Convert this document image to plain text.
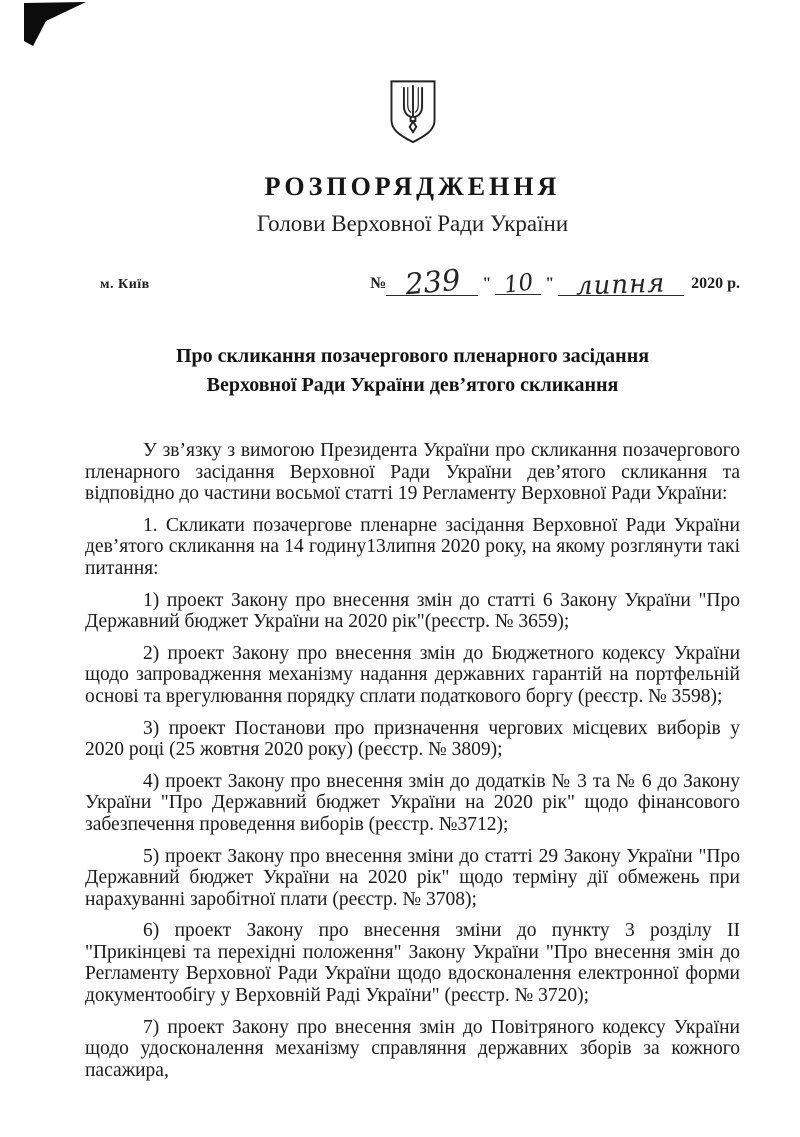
РОЗПОРЯДЖЕННЯ
Голови Верховної Ради України
м. Київ	№ 239	" 10 " липня	2020 р.
Про скликання позачергового пленарного засідання
Верховної Ради України дев’ятого скликання

У зв’язку з вимогою Президента України про скликання позачергового пленарного засідання Верховної Ради України дев’ятого скликання та відповідно до частини восьмої статті 19 Регламенту Верховної Ради України:

1. Скликати позачергове пленарне засідання Верховної Ради України дев’ятого скликання на 14 годину13липня 2020 року, на якому розглянути такі питання:

1) проект Закону про внесення змін до статті 6 Закону України "Про Державний бюджет України на 2020 рік"(реєстр. № 3659);

2) проект Закону про внесення змін до Бюджетного кодексу України щодо запровадження механізму надання державних гарантій на портфельній основі та врегулювання порядку сплати податкового боргу (реєстр. № 3598);

3) проект Постанови про призначення чергових місцевих виборів у 2020 році (25 жовтня 2020 року) (реєстр. № 3809);

4) проект Закону про внесення змін до додатків № 3 та № 6 до Закону України "Про Державний бюджет України на 2020 рік" щодо фінансового забезпечення проведення виборів (реєстр. №3712);

5) проект Закону про внесення зміни до статті 29 Закону України "Про Державний бюджет України на 2020 рік" щодо терміну дії обмежень при нарахуванні заробітної плати (реєстр. № 3708);

6) проект Закону про внесення зміни до пункту 3 розділу II "Прикінцеві та перехідні положення" Закону України "Про внесення змін до Регламенту Верховної Ради України щодо вдосконалення електронної форми документообігу у Верховній Раді України" (реєстр. № 3720);

7) проект Закону про внесення змін до Повітряного кодексу України щодо удосконалення механізму справляння державних зборів за кожного пасажира,
